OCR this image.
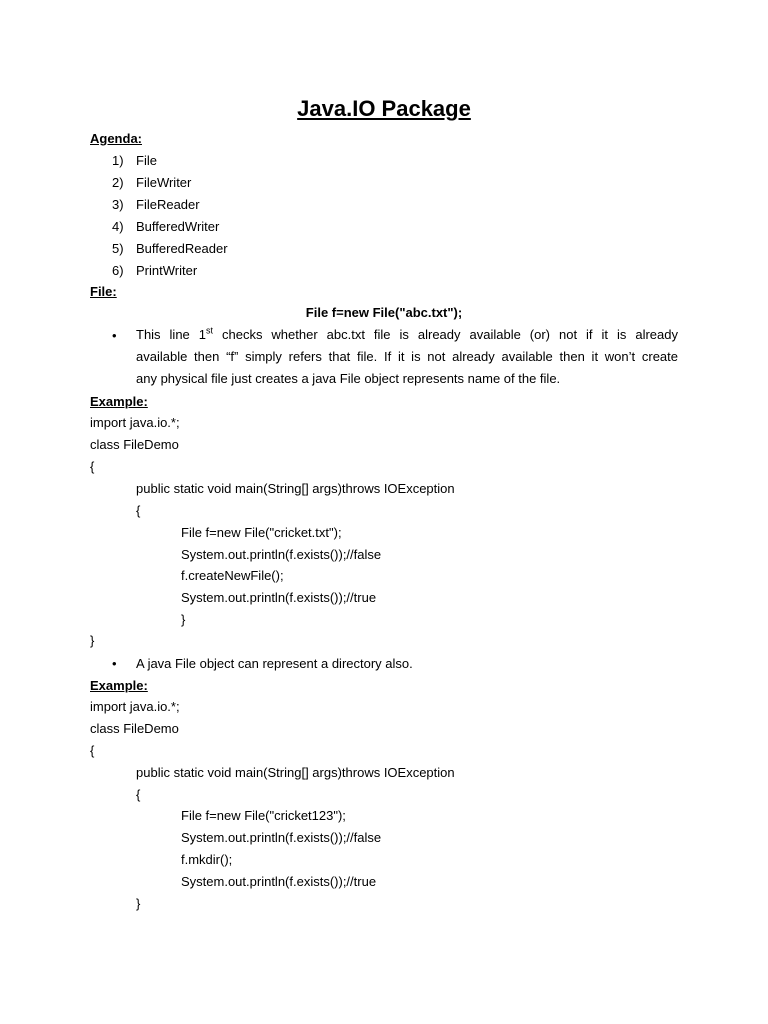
Java.IO Package
Agenda:
1) File
2) FileWriter
3) FileReader
4) BufferedWriter
5) BufferedReader
6) PrintWriter
File:
File f=new File("abc.txt");
• This line 1st checks whether abc.txt file is already available (or) not if it is already
available then “f” simply refers that file. If it is not already available then it won’t create
any physical file just creates a java File object represents name of the file.
Example:
import java.io.*;
class FileDemo
{
public static void main(String[] args)throws IOException
{
File f=new File("cricket.txt");
System.out.println(f.exists());//false
f.createNewFile();
System.out.println(f.exists());//true
}
}
• A java File object can represent a directory also.
Example:
import java.io.*;
class FileDemo
{
public static void main(String[] args)throws IOException
{
File f=new File("cricket123");
System.out.println(f.exists());//false
f.mkdir();
System.out.println(f.exists());//true
}
